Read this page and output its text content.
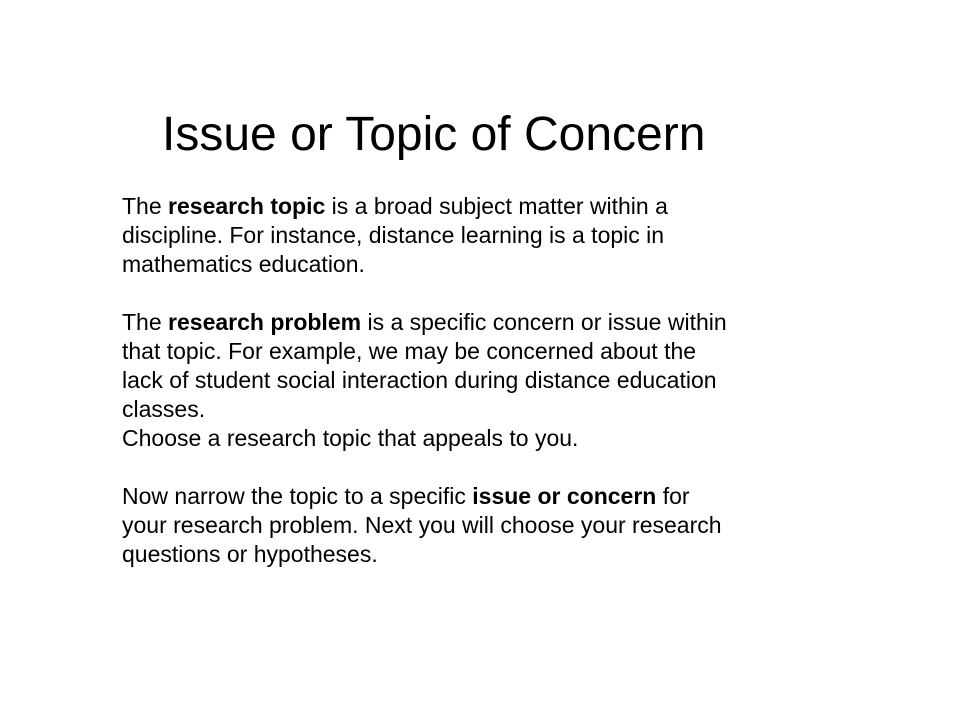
Issue or Topic of Concern
The research topic is a broad subject matter within a
discipline. For instance, distance learning is a topic in
mathematics education.
The research problem is a specific concern or issue within
that topic. For example, we may be concerned about the
lack of student social interaction during distance education
classes.
Choose a research topic that appeals to you.
Now narrow the topic to a specific issue or concern for
your research problem. Next you will choose your research
questions or hypotheses.
